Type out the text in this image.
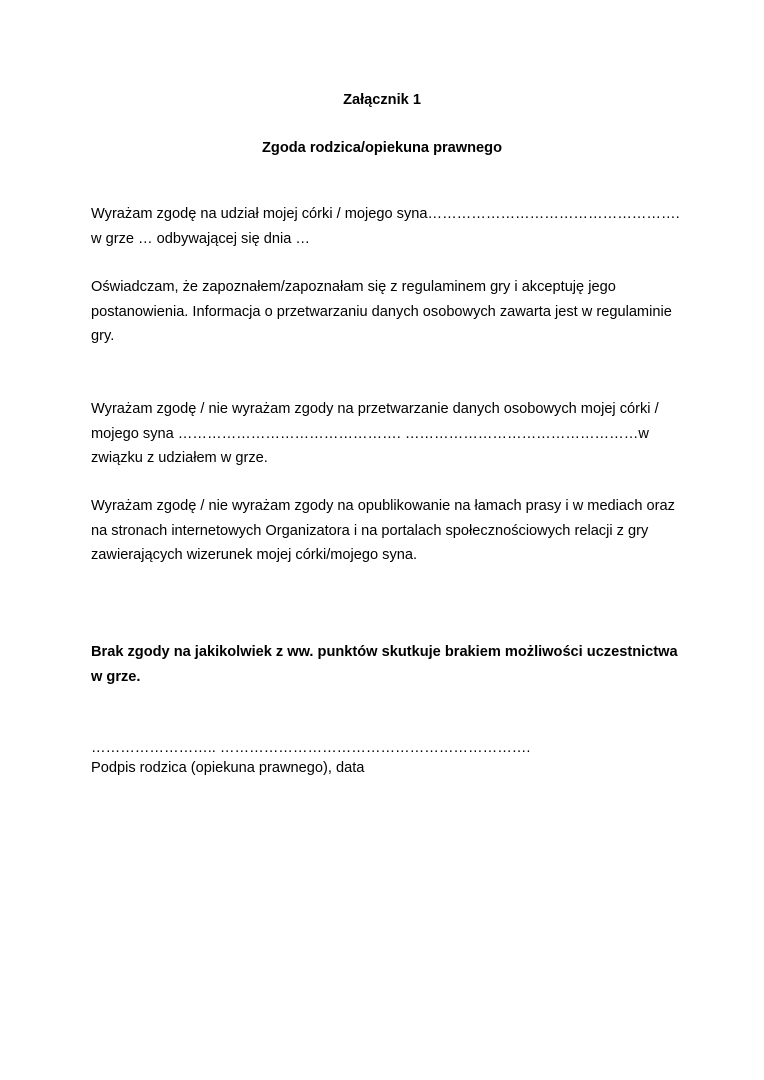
Załącznik 1
Zgoda rodzica/opiekuna prawnego

Wyrażam zgodę na udział mojej córki / mojego syna…………………………………………….
w grze … odbywającej się dnia …

Oświadczam, że zapoznałem/zapoznałam się z regulaminem gry i akceptuję jego
postanowienia. Informacja o przetwarzaniu danych osobowych zawarta jest w regulaminie
gry.

Wyrażam zgodę / nie wyrażam zgody na przetwarzanie danych osobowych mojej córki /
mojego syna ………………………………………. …………………………………………w
związku z udziałem w grze.

Wyrażam zgodę / nie wyrażam zgody na opublikowanie na łamach prasy i w mediach oraz
na stronach internetowych Organizatora i na portalach społecznościowych relacji z gry
zawierających wizerunek mojej córki/mojego syna.

Brak zgody na jakikolwiek z ww. punktów skutkuje brakiem możliwości uczestnictwa
w grze.

…………………….. ……………………………………………………….
Podpis rodzica (opiekuna prawnego), data
